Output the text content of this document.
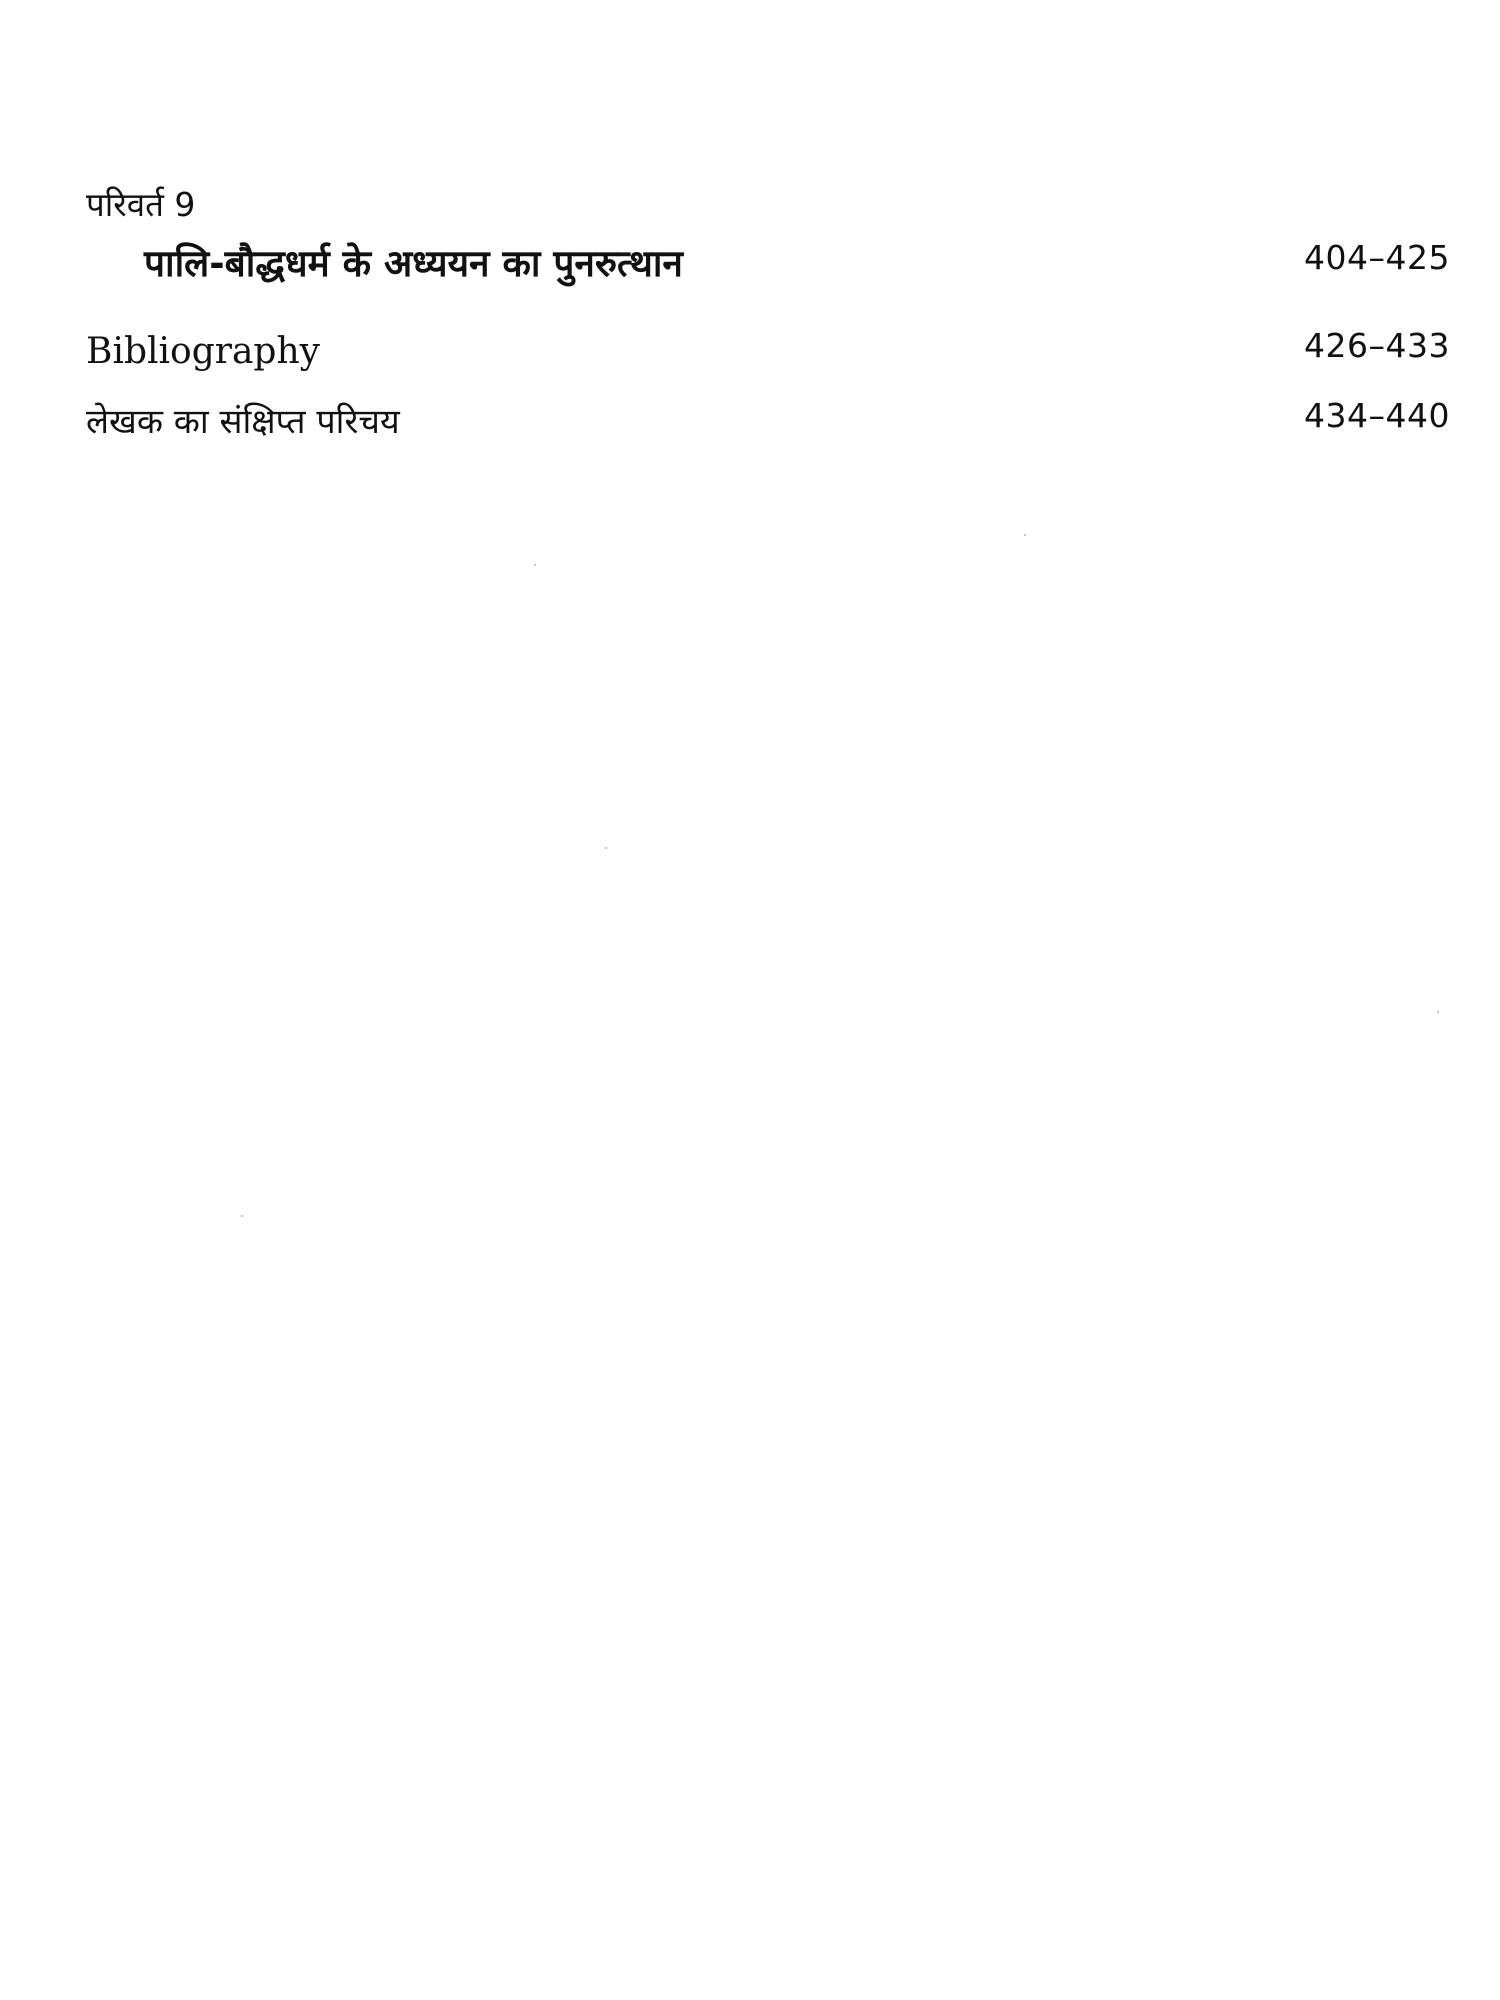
परिवर्त 9
पालि-बौद्धधर्म के अध्ययन का पुनरुत्थान	404–425
Bibliography	426–433
लेखक का संक्षिप्त परिचय	434–440
